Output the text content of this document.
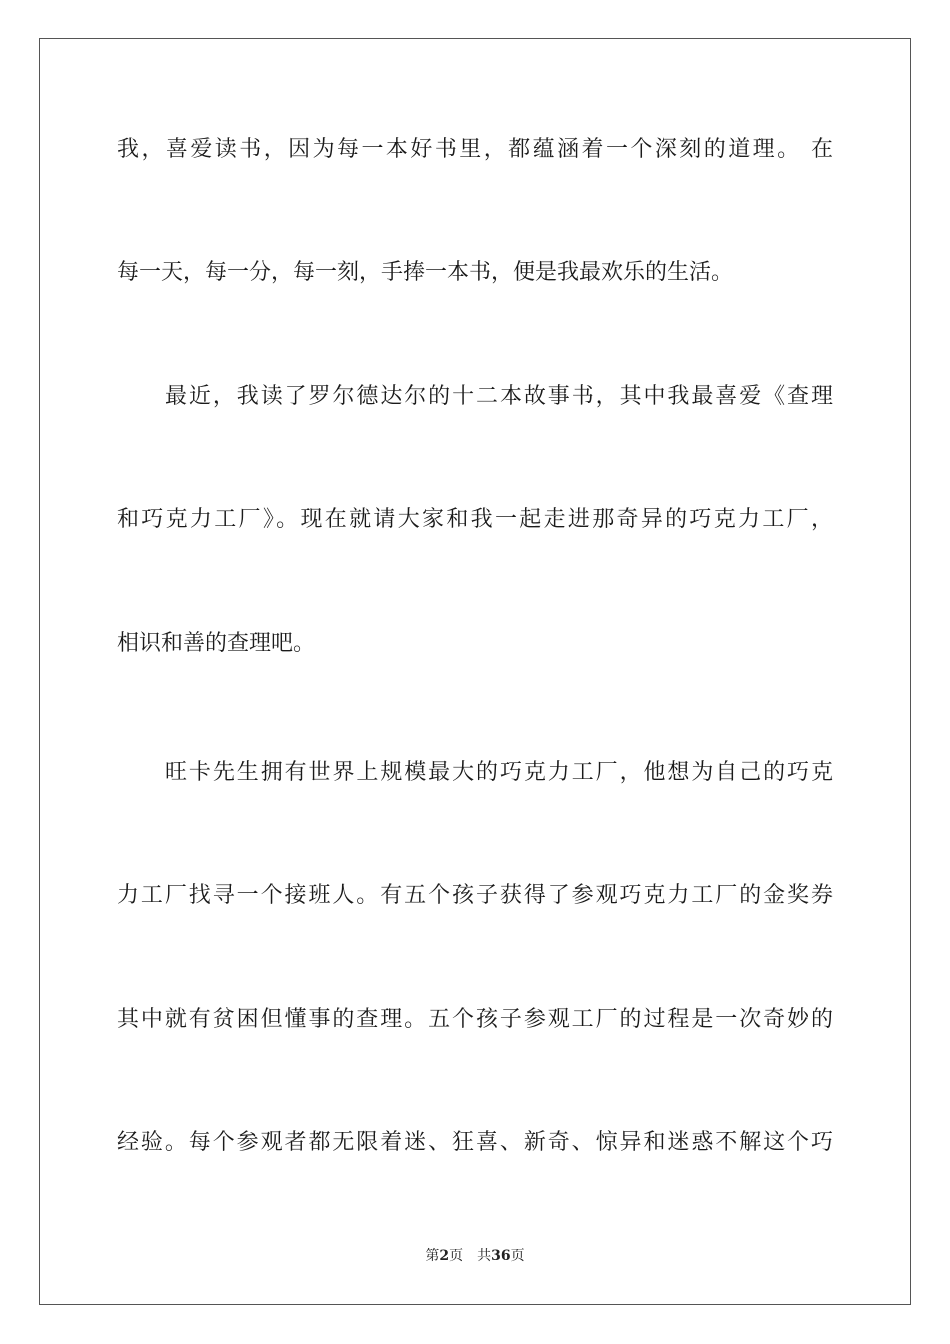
我，喜爱读书，因为每一本好书里，都蕴涵着一个深刻的道理。 在
每一天，每一分，每一刻，手捧一本书，便是我最欢乐的生活。
最近，我读了罗尔德达尔的十二本故事书，其中我最喜爱《查理
和巧克力工厂》。现在就请大家和我一起走进那奇异的巧克力工厂，
相识和善的查理吧。
旺卡先生拥有世界上规模最大的巧克力工厂，他想为自己的巧克
力工厂找寻一个接班人。有五个孩子获得了参观巧克力工厂的金奖券
其中就有贫困但懂事的查理。五个孩子参观工厂的过程是一次奇妙的
经验。每个参观者都无限着迷、狂喜、新奇、惊异和迷惑不解这个巧
第2页 共36页
